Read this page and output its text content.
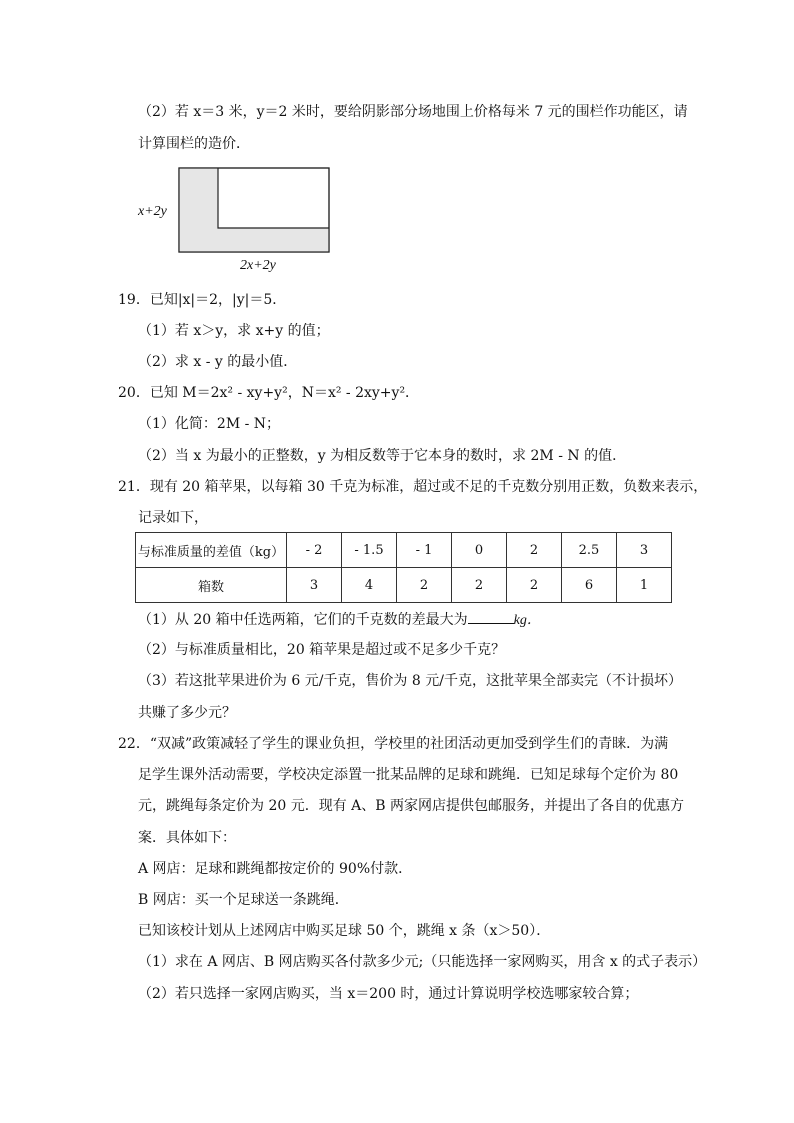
（2）若 x＝3 米，y＝2 米时，要给阴影部分场地围上价格每米 7 元的围栏作功能区，请
计算围栏的造价．
x+2y
2x+2y
19．已知|x|＝2，|y|＝5．
（1）若 x＞y，求 x+y 的值；
（2）求 x - y 的最小值．
20．已知 M＝2x² - xy+y²，N＝x² - 2xy+y²．
（1）化简：2M - N；
（2）当 x 为最小的正整数，y 为相反数等于它本身的数时，求 2M - N 的值．
21．现有 20 箱苹果，以每箱 30 千克为标准，超过或不足的千克数分别用正数，负数来表示，
记录如下，
与标准质量的差值（kg）	- 2	- 1.5	- 1	0	2	2.5	3
箱数	3	4	2	2	2	6	1
（1）从 20 箱中任选两箱，它们的千克数的差最大为	kg．
（2）与标准质量相比，20 箱苹果是超过或不足多少千克？
（3）若这批苹果进价为 6 元/千克，售价为 8 元/千克，这批苹果全部卖完（不计损坏）
共赚了多少元？
22．“双减”政策减轻了学生的课业负担，学校里的社团活动更加受到学生们的青睐．为满
足学生课外活动需要，学校决定添置一批某品牌的足球和跳绳．已知足球每个定价为 80
元，跳绳每条定价为 20 元．现有 A、B 两家网店提供包邮服务，并提出了各自的优惠方
案．具体如下：
A 网店：足球和跳绳都按定价的 90%付款．
B 网店：买一个足球送一条跳绳．
已知该校计划从上述网店中购买足球 50 个，跳绳 x 条（x＞50）．
（1）求在 A 网店、B 网店购买各付款多少元;（只能选择一家网购买，用含 x 的式子表示）
（2）若只选择一家网店购买，当 x＝200 时，通过计算说明学校选哪家较合算；
